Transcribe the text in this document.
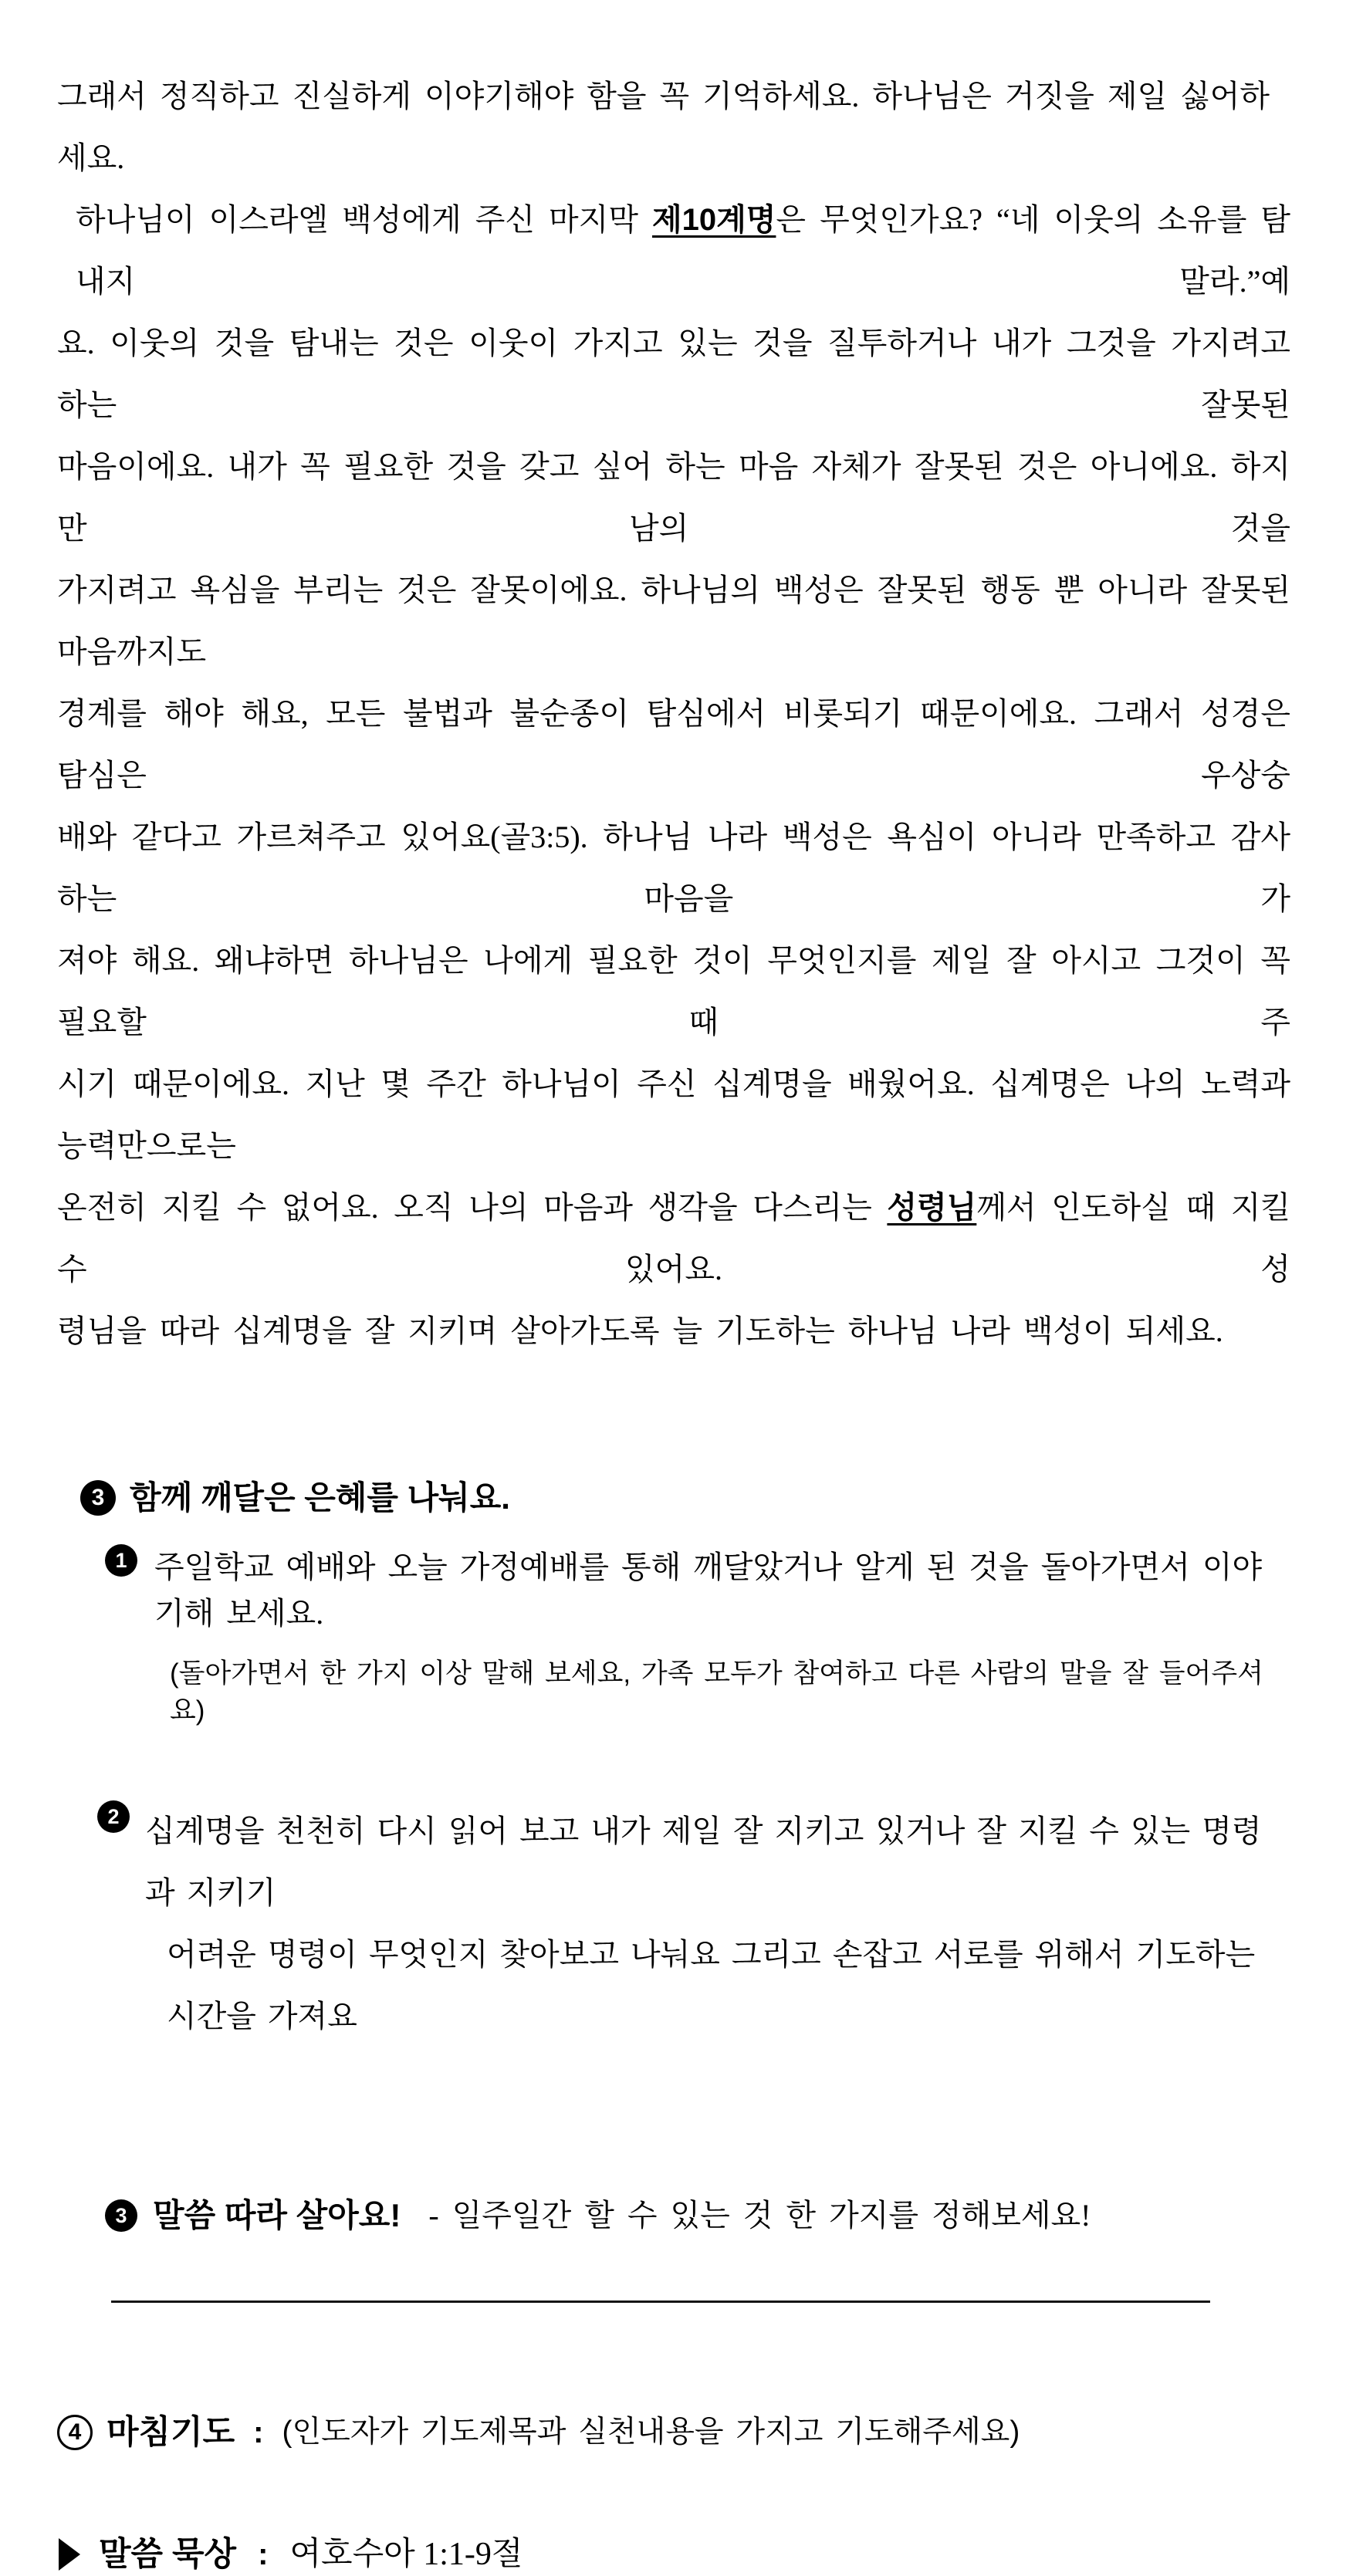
그래서 정직하고 진실하게 이야기해야 함을 꼭 기억하세요. 하나님은 거짓을 제일 싫어하세요.
하나님이 이스라엘 백성에게 주신 마지막 제10계명은 무엇인가요? “네 이웃의 소유를 탐내지 말라.”예
요. 이웃의 것을 탐내는 것은 이웃이 가지고 있는 것을 질투하거나 내가 그것을 가지려고 하는 잘못된
마음이에요. 내가 꼭 필요한 것을 갖고 싶어 하는 마음 자체가 잘못된 것은 아니에요. 하지만 남의 것을
가지려고 욕심을 부리는 것은 잘못이에요. 하나님의 백성은 잘못된 행동 뿐 아니라 잘못된 마음까지도
경계를 해야 해요, 모든 불법과 불순종이 탐심에서 비롯되기 때문이에요. 그래서 성경은 탐심은 우상숭
배와 같다고 가르쳐주고 있어요(골3:5). 하나님 나라 백성은 욕심이 아니라 만족하고 감사하는 마음을 가
져야 해요. 왜냐하면 하나님은 나에게 필요한 것이 무엇인지를 제일 잘 아시고 그것이 꼭 필요할 때 주
시기 때문이에요. 지난 몇 주간 하나님이 주신 십계명을 배웠어요. 십계명은 나의 노력과 능력만으로는
온전히 지킬 수 없어요. 오직 나의 마음과 생각을 다스리는 성령님께서 인도하실 때 지킬 수 있어요. 성
령님을 따라 십계명을 잘 지키며 살아가도록 늘 기도하는 하나님 나라 백성이 되세요.
3 함께 깨달은 은혜를 나눠요.
1 주일학교 예배와 오늘 가정예배를 통해 깨달았거나 알게 된 것을 돌아가면서 이야기해 보세요.
(돌아가면서 한 가지 이상 말해 보세요, 가족 모두가 참여하고 다른 사람의 말을 잘 들어주셔요)
2 십계명을 천천히 다시 읽어 보고 내가 제일 잘 지키고 있거나 잘 지킬 수 있는 명령과 지키기
어려운 명령이 무엇인지 찾아보고 나눠요 그리고 손잡고 서로를 위해서 기도하는 시간을 가져요
3 말씀 따라 살아요! - 일주일간 할 수 있는 것 한 가지를 정해보세요!
4 마침기도 : (인도자가 기도제목과 실천내용을 가지고 기도해주세요)
말씀 묵상 : 여호수아 1:1-9절
